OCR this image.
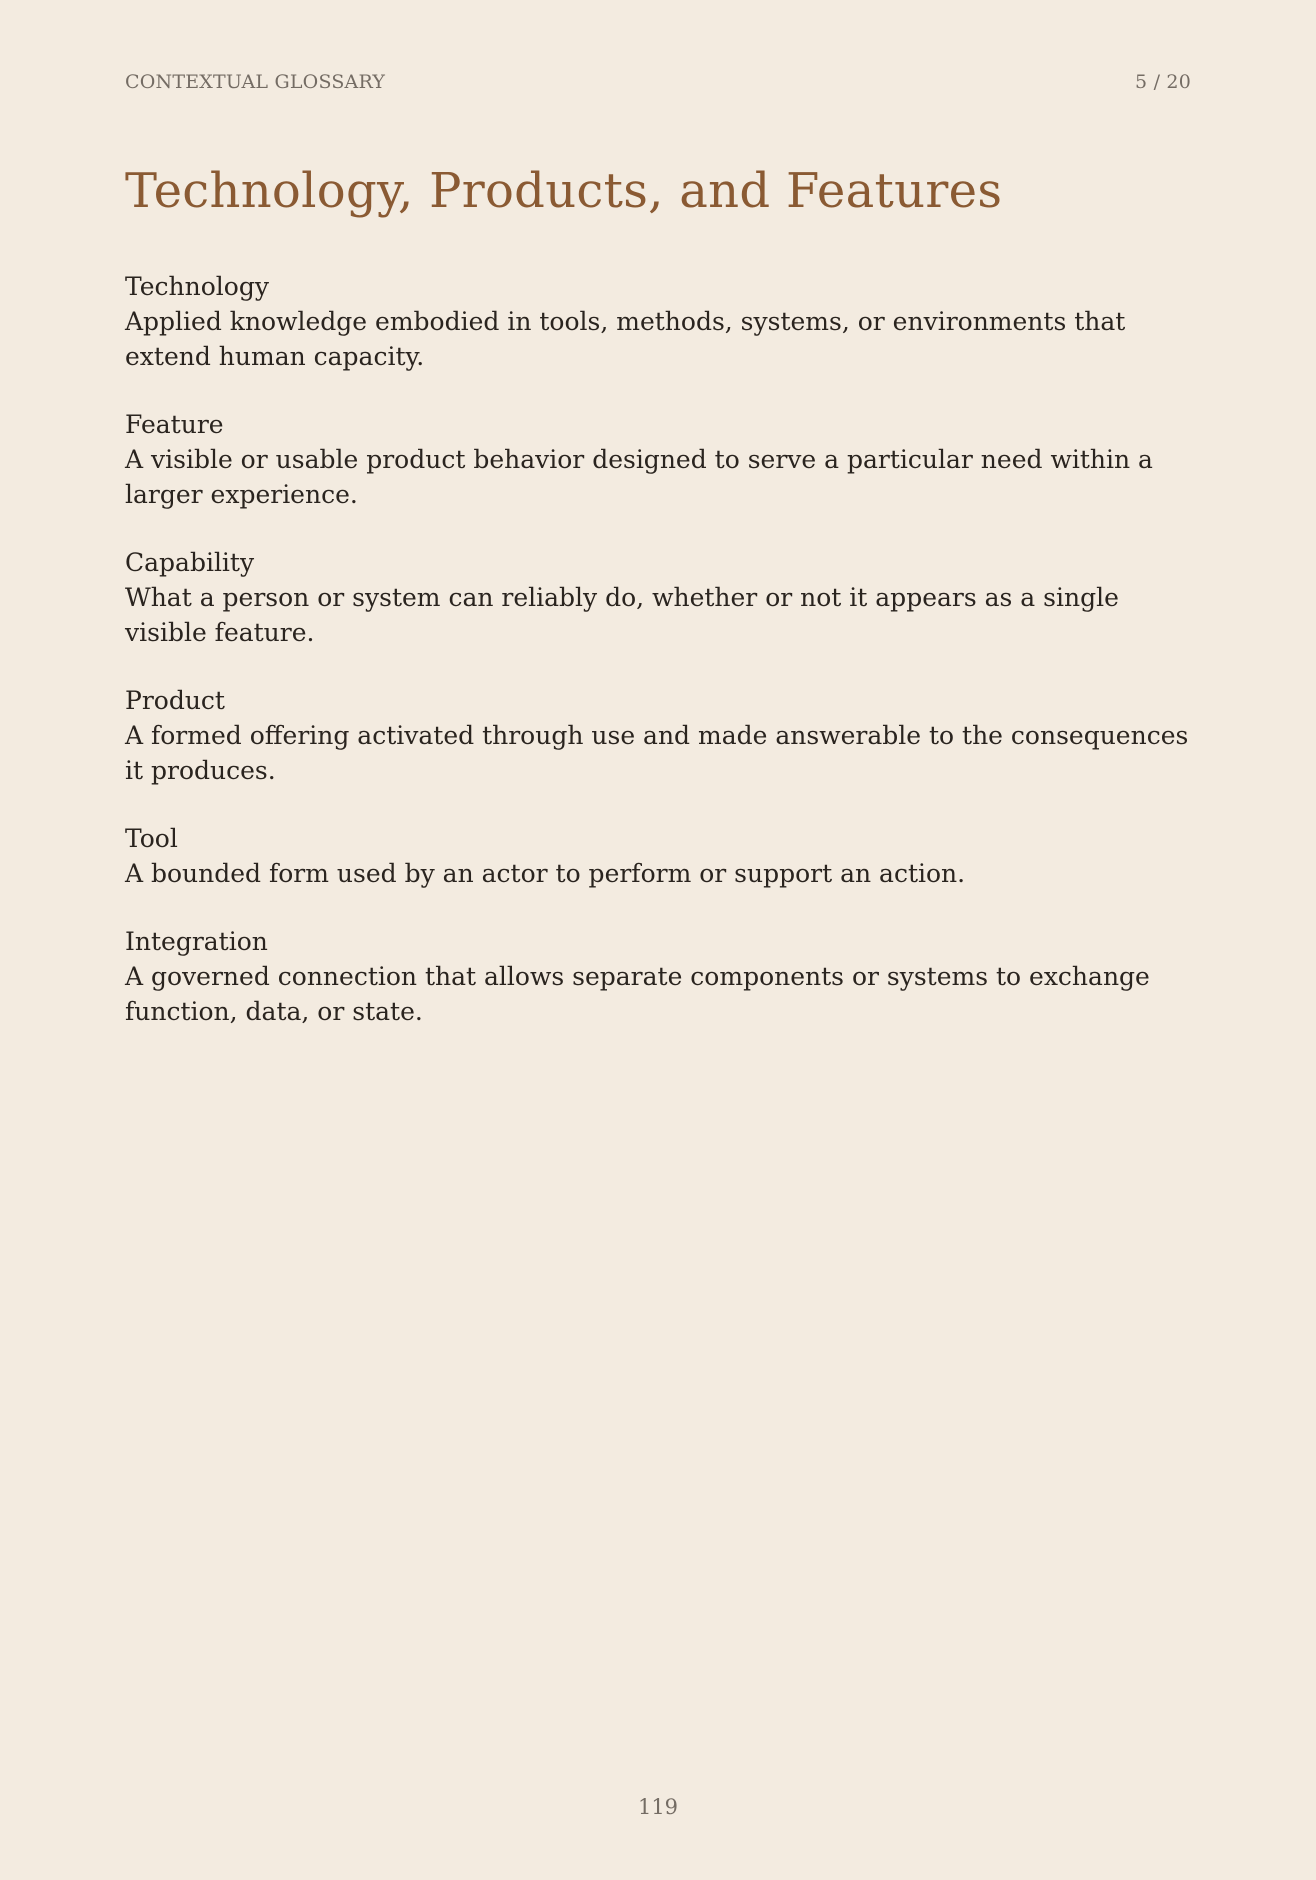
CONTEXTUAL GLOSSARY	5 / 20
Technology, Products, and Features
Technology
Applied knowledge embodied in tools, methods, systems, or environments that extend human capacity.
Feature
A visible or usable product behavior designed to serve a particular need within a larger experience.
Capability
What a person or system can reliably do, whether or not it appears as a single visible feature.
Product
A formed offering activated through use and made answerable to the consequences it produces.
Tool
A bounded form used by an actor to perform or support an action.
Integration
A governed connection that allows separate components or systems to exchange function, data, or state.
119
